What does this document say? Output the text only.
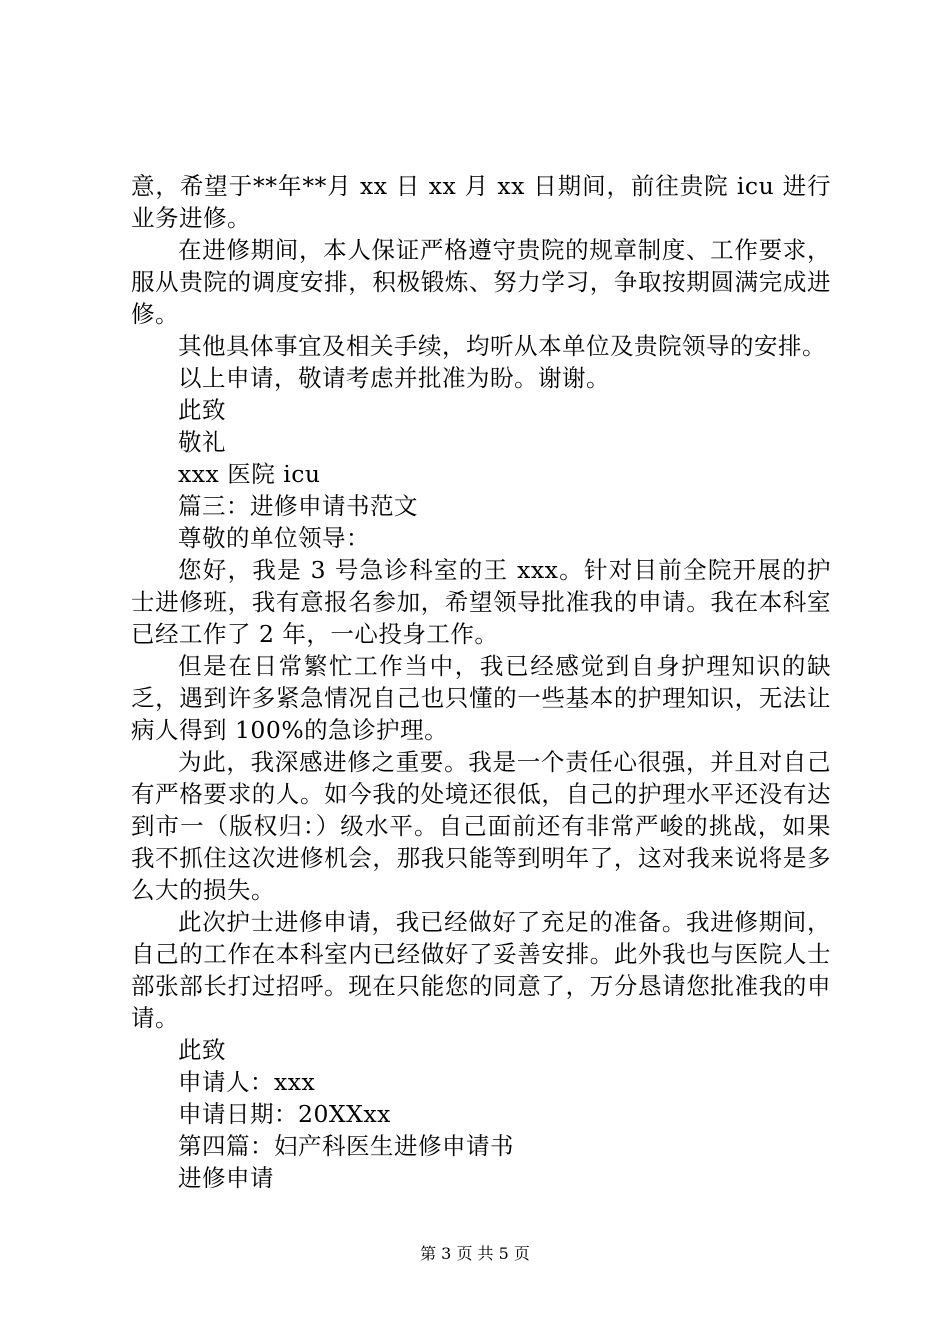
意，希望于**年**月 xx 日 xx 月 xx 日期间，前往贵院 icu 进行业务进修。

在进修期间，本人保证严格遵守贵院的规章制度、工作要求，服从贵院的调度安排，积极锻炼、努力学习，争取按期圆满完成进修。

其他具体事宜及相关手续，均听从本单位及贵院领导的安排。

以上申请，敬请考虑并批准为盼。谢谢。

此致

敬礼

xxx 医院 icu

篇三：进修申请书范文

尊敬的单位领导：

您好，我是 3 号急诊科室的王 xxx。针对目前全院开展的护士进修班，我有意报名参加，希望领导批准我的申请。我在本科室已经工作了 2 年，一心投身工作。

但是在日常繁忙工作当中，我已经感觉到自身护理知识的缺乏，遇到许多紧急情况自己也只懂的一些基本的护理知识，无法让病人得到 100%的急诊护理。

为此，我深感进修之重要。我是一个责任心很强，并且对自己有严格要求的人。如今我的处境还很低，自己的护理水平还没有达到市一（版权归：）级水平。自己面前还有非常严峻的挑战，如果我不抓住这次进修机会，那我只能等到明年了，这对我来说将是多么大的损失。

此次护士进修申请，我已经做好了充足的准备。我进修期间，自己的工作在本科室内已经做好了妥善安排。此外我也与医院人士部张部长打过招呼。现在只能您的同意了，万分恳请您批准我的申请。

此致

申请人：xxx

申请日期：20XXxx

第四篇：妇产科医生进修申请书

进修申请

第 3 页 共 5 页
